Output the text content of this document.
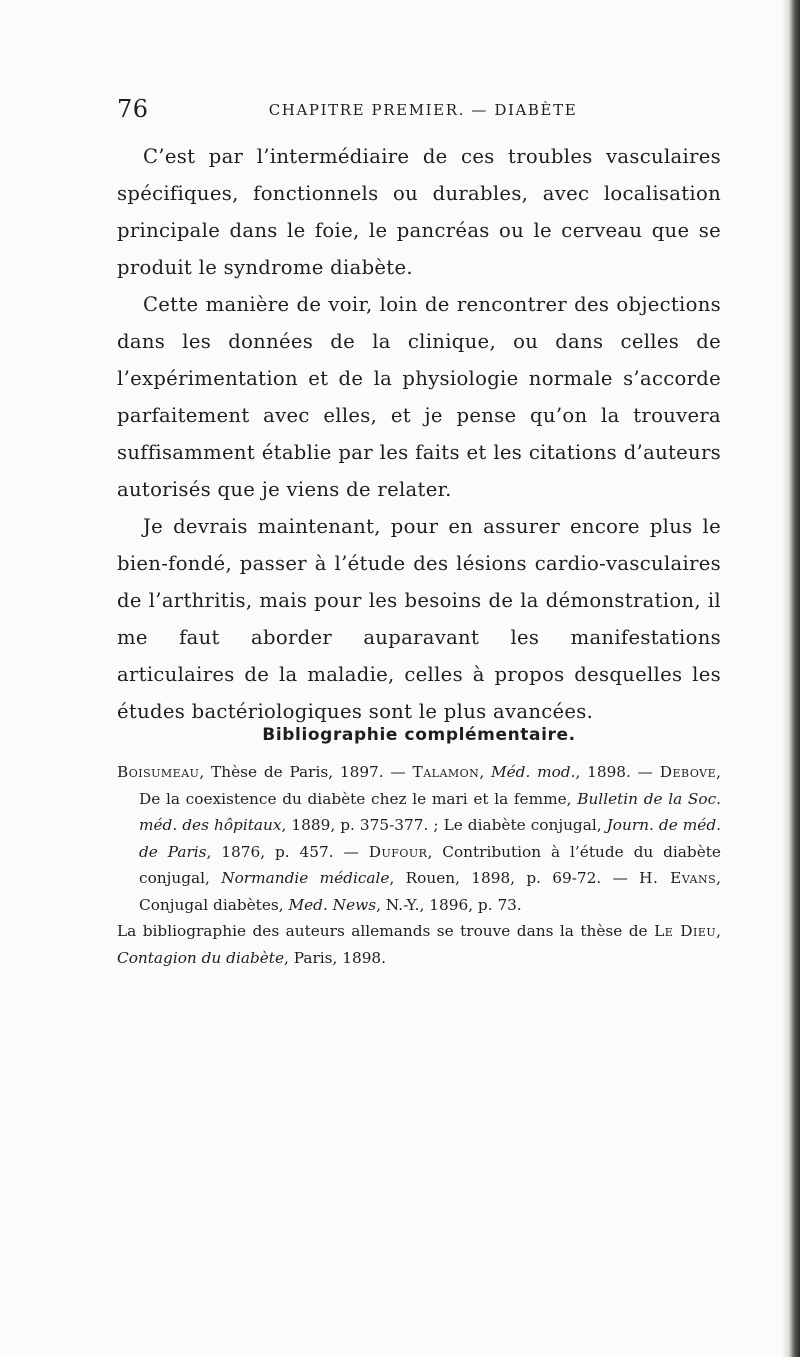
76	CHAPITRE PREMIER. — DIABÈTE

C’est par l’intermédiaire de ces troubles vasculaires spécifiques, fonctionnels ou durables, avec localisation principale dans le foie, le pancréas ou le cerveau que se produit le syndrome diabète.

Cette manière de voir, loin de rencontrer des objections dans les données de la clinique, ou dans celles de l’expérimentation et de la physiologie normale s’accorde parfaitement avec elles, et je pense qu’on la trouvera suffisamment établie par les faits et les citations d’auteurs autorisés que je viens de relater.

Je devrais maintenant, pour en assurer encore plus le bien-fondé, passer à l’étude des lésions cardio-vasculaires de l’arthritis, mais pour les besoins de la démonstration, il me faut aborder auparavant les manifestations articulaires de la maladie, celles à propos desquelles les études bactériologiques sont le plus avancées.

Bibliographie complémentaire.

Boisumeau, Thèse de Paris, 1897. — Talamon, Méd. mod., 1898. — Debove, De la coexistence du diabète chez le mari et la femme, Bulletin de la Soc. méd. des hôpitaux, 1889, p. 375-377. ; Le diabète conjugal, Journ. de méd. de Paris, 1876, p. 457. — Dufour, Contribution à l’étude du diabète conjugal, Normandie médicale, Rouen, 1898, p. 69-72. — H. Evans, Conjugal diabètes, Med. News, N.-Y., 1896, p. 73.

La bibliographie des auteurs allemands se trouve dans la thèse de Le Dieu, Contagion du diabète, Paris, 1898.
